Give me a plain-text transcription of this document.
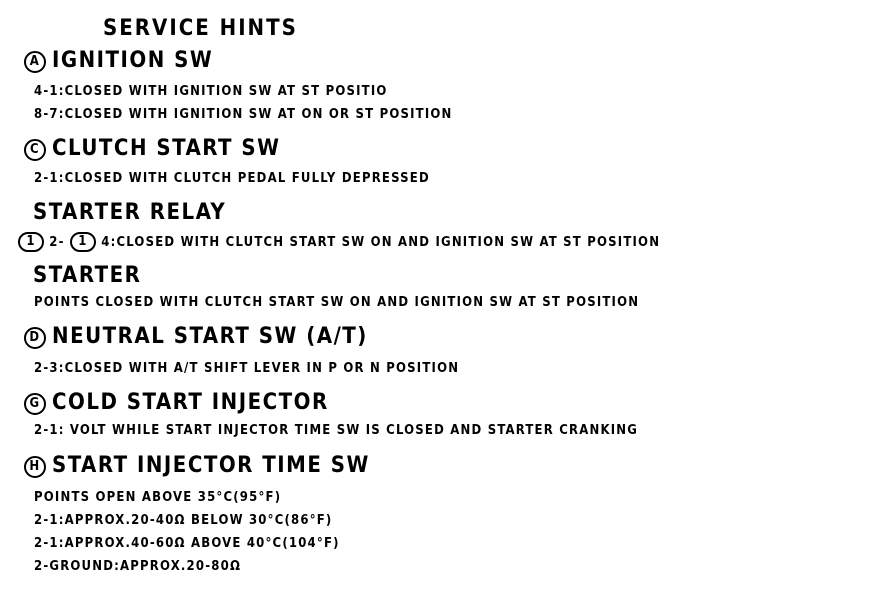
SERVICE HINTS
A IGNITION SW
4-1:CLOSED WITH IGNITION SW AT ST POSITIO
8-7:CLOSED WITH IGNITION SW AT ON OR ST POSITION
C CLUTCH START SW
2-1:CLOSED WITH CLUTCH PEDAL FULLY DEPRESSED
STARTER RELAY
1 2- 1 4:CLOSED WITH CLUTCH START SW ON AND IGNITION SW AT ST POSITION
STARTER
POINTS CLOSED WITH CLUTCH START SW ON AND IGNITION SW AT ST POSITION
D NEUTRAL START SW (A/T)
2-3:CLOSED WITH A/T SHIFT LEVER IN P OR N POSITION
G COLD START INJECTOR
2-1: VOLT WHILE START INJECTOR TIME SW IS CLOSED AND STARTER CRANKING
H START INJECTOR TIME SW
POINTS OPEN ABOVE 35°C(95°F)
2-1:APPROX.20-40Ω BELOW 30°C(86°F)
2-1:APPROX.40-60Ω ABOVE 40°C(104°F)
2-GROUND:APPROX.20-80Ω
